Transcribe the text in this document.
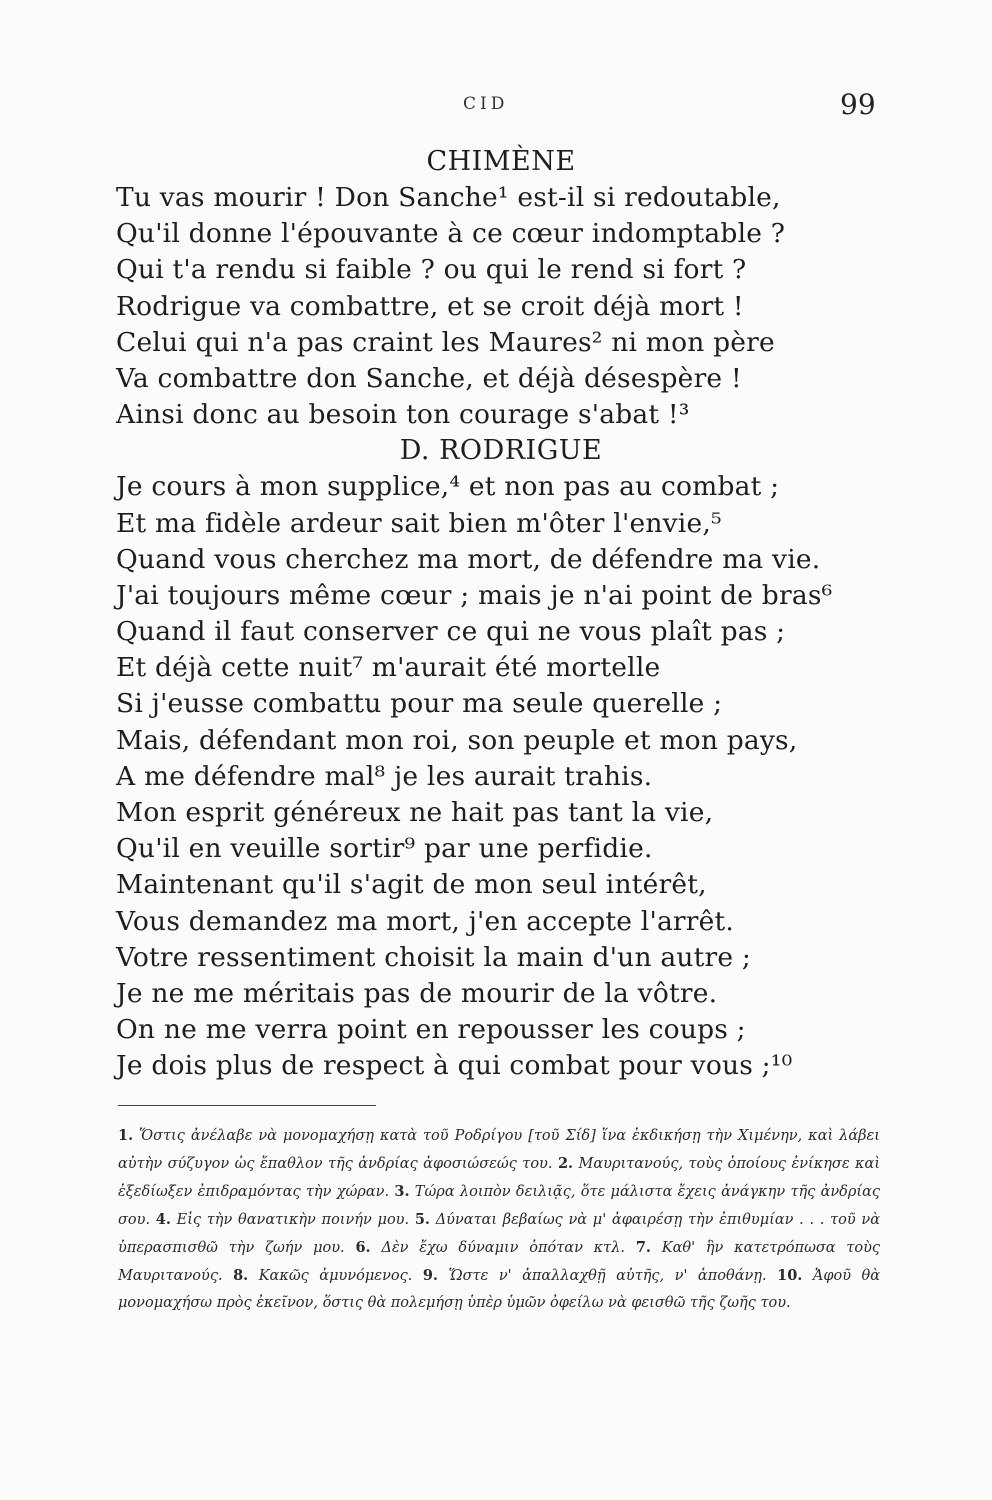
CID	99
CHIMÈNE
Tu vas mourir ! Don Sanche¹ est-il si redoutable,
Qu'il donne l'épouvante à ce cœur indomptable ?
Qui t'a rendu si faible ? ou qui le rend si fort ?
Rodrigue va combattre, et se croit déjà mort !
Celui qui n'a pas craint les Maures² ni mon père
Va combattre don Sanche, et déjà désespère !
Ainsi donc au besoin ton courage s'abat !³
D. RODRIGUE
Je cours à mon supplice,⁴ et non pas au combat ;
Et ma fidèle ardeur sait bien m'ôter l'envie,⁵
Quand vous cherchez ma mort, de défendre ma vie.
J'ai toujours même cœur ; mais je n'ai point de bras⁶
Quand il faut conserver ce qui ne vous plaît pas ;
Et déjà cette nuit⁷ m'aurait été mortelle
Si j'eusse combattu pour ma seule querelle ;
Mais, défendant mon roi, son peuple et mon pays,
A me défendre mal⁸ je les aurait trahis.
Mon esprit généreux ne hait pas tant la vie,
Qu'il en veuille sortir⁹ par une perfidie.
Maintenant qu'il s'agit de mon seul intérêt,
Vous demandez ma mort, j'en accepte l'arrêt.
Votre ressentiment choisit la main d'un autre ;
Je ne me méritais pas de mourir de la vôtre.
On ne me verra point en repousser les coups ;
Je dois plus de respect à qui combat pour vous ;¹⁰
1. Ὅστις ἀνέλαβε νὰ μονομαχήσῃ κατὰ τοῦ Ροδρίγου [τοῦ Σίδ] ἵνα ἐκδικήσῃ τὴν Χιμένην, καὶ λάβει αὐτὴν σύζυγον ὡς ἔπαθλον τῆς ἀνδρίας ἀφοσιώσεώς του. 2. Μαυριτανούς, τοὺς ὁποίους ἐνίκησε καὶ ἐξεδίωξεν ἐπιδραμόντας τὴν χώραν. 3. Τώρα λοιπὸν δειλιᾷς, ὅτε μάλιστα ἔχεις ἀνάγκην τῆς ἀνδρίας σου. 4. Εἰς τὴν θανατικὴν ποινήν μου. 5. Δύναται βεβαίως νὰ μ' ἀφαιρέσῃ τὴν ἐπιθυμίαν . . . τοῦ νὰ ὑπερασπισθῶ τὴν ζωήν μου. 6. Δὲν ἔχω δύναμιν ὁπόταν κτλ. 7. Καθ' ἣν κατετρόπωσα τοὺς Μαυριτανούς. 8. Κακῶς ἀμυνόμενος. 9. Ὥστε ν' ἀπαλλαχθῇ αὐτῆς, ν' ἀποθάνῃ. 10. Ἀφοῦ θὰ μονομαχήσω πρὸς ἐκεῖνον, ὅστις θὰ πολεμήσῃ ὑπὲρ ὑμῶν ὀφείλω νὰ φεισθῶ τῆς ζωῆς του.
